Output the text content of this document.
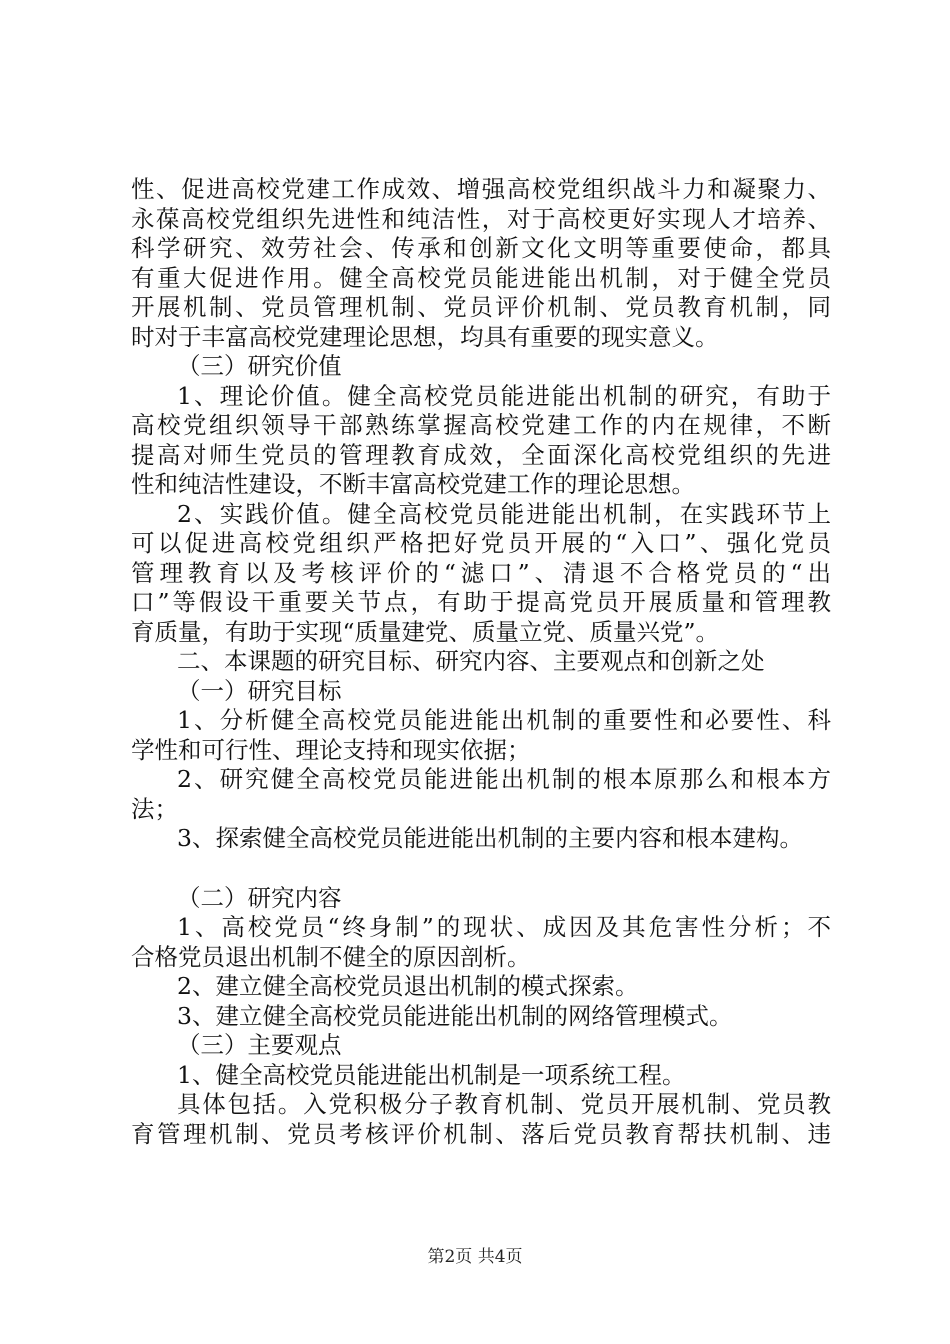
性、促进高校党建工作成效、增强高校党组织战斗力和凝聚力、
永葆高校党组织先进性和纯洁性，对于高校更好实现人才培养、
科学研究、效劳社会、传承和创新文化文明等重要使命，都具
有重大促进作用。健全高校党员能进能出机制，对于健全党员
开展机制、党员管理机制、党员评价机制、党员教育机制，同
时对于丰富高校党建理论思想，均具有重要的现实意义。
（三）研究价值
1、理论价值。健全高校党员能进能出机制的研究，有助于
高校党组织领导干部熟练掌握高校党建工作的内在规律，不断
提高对师生党员的管理教育成效，全面深化高校党组织的先进
性和纯洁性建设，不断丰富高校党建工作的理论思想。
2、实践价值。健全高校党员能进能出机制，在实践环节上
可以促进高校党组织严格把好党员开展的“入口”、强化党员
管理教育以及考核评价的“滤口”、清退不合格党员的“出
口”等假设干重要关节点，有助于提高党员开展质量和管理教
育质量，有助于实现“质量建党、质量立党、质量兴党”。
二、本课题的研究目标、研究内容、主要观点和创新之处
（一）研究目标
1、分析健全高校党员能进能出机制的重要性和必要性、科
学性和可行性、理论支持和现实依据；
2、研究健全高校党员能进能出机制的根本原那么和根本方
法；
3、探索健全高校党员能进能出机制的主要内容和根本建构。
（二）研究内容
1、高校党员“终身制”的现状、成因及其危害性分析；不
合格党员退出机制不健全的原因剖析。
2、建立健全高校党员退出机制的模式探索。
3、建立健全高校党员能进能出机制的网络管理模式。
（三）主要观点
1、健全高校党员能进能出机制是一项系统工程。
具体包括。入党积极分子教育机制、党员开展机制、党员教
育管理机制、党员考核评价机制、落后党员教育帮扶机制、违
第2页 共4页
